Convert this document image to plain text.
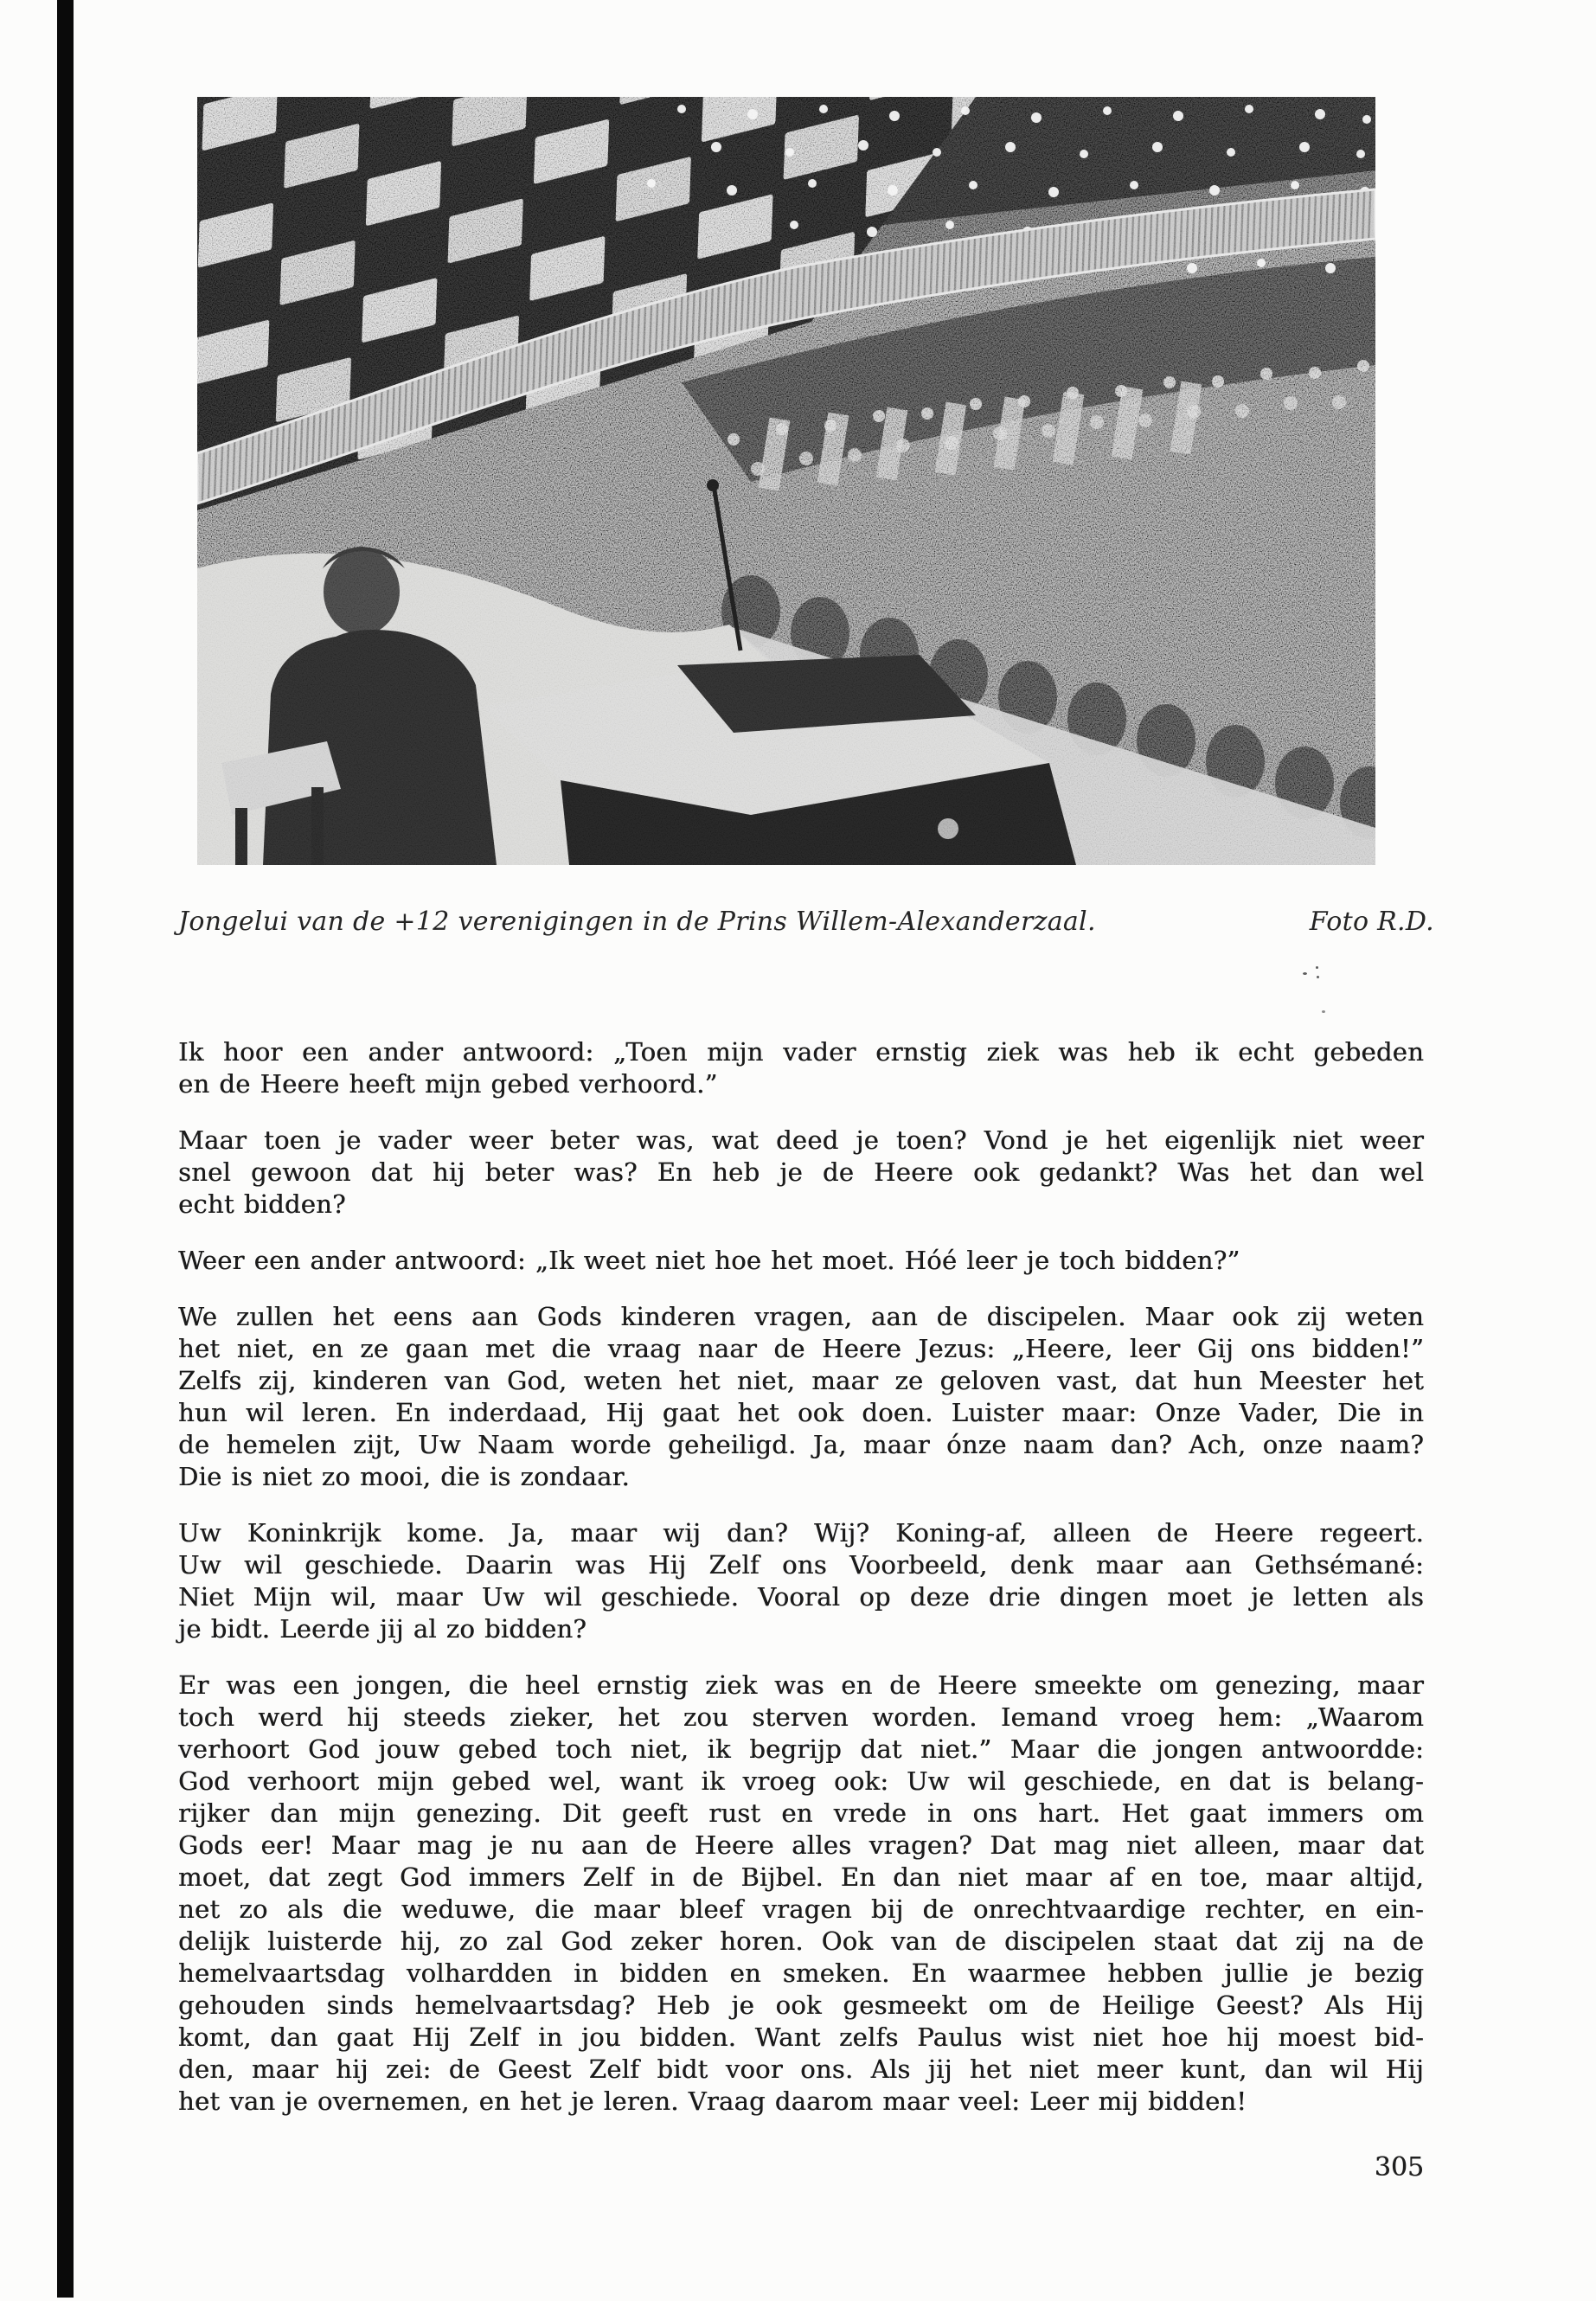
Jongelui van de +12 verenigingen in de Prins Willem-Alexanderzaal.	Foto R.D.
Ik hoor een ander antwoord: „Toen mijn vader ernstig ziek was heb ik echt gebeden
en de Heere heeft mijn gebed verhoord.”
Maar toen je vader weer beter was, wat deed je toen? Vond je het eigenlijk niet weer
snel gewoon dat hij beter was? En heb je de Heere ook gedankt? Was het dan wel
echt bidden?
Weer een ander antwoord: „Ik weet niet hoe het moet. Hóé leer je toch bidden?”
We zullen het eens aan Gods kinderen vragen, aan de discipelen. Maar ook zij weten
het niet, en ze gaan met die vraag naar de Heere Jezus: „Heere, leer Gij ons bidden!”
Zelfs zij, kinderen van God, weten het niet, maar ze geloven vast, dat hun Meester het
hun wil leren. En inderdaad, Hij gaat het ook doen. Luister maar: Onze Vader, Die in
de hemelen zijt, Uw Naam worde geheiligd. Ja, maar ónze naam dan? Ach, onze naam?
Die is niet zo mooi, die is zondaar.
Uw Koninkrijk kome. Ja, maar wij dan? Wij? Koning-af, alleen de Heere regeert.
Uw wil geschiede. Daarin was Hij Zelf ons Voorbeeld, denk maar aan Gethsémané:
Niet Mijn wil, maar Uw wil geschiede. Vooral op deze drie dingen moet je letten als
je bidt. Leerde jij al zo bidden?
Er was een jongen, die heel ernstig ziek was en de Heere smeekte om genezing, maar
toch werd hij steeds zieker, het zou sterven worden. Iemand vroeg hem: „Waarom
verhoort God jouw gebed toch niet, ik begrijp dat niet.” Maar die jongen antwoordde:
God verhoort mijn gebed wel, want ik vroeg ook: Uw wil geschiede, en dat is belang-
rijker dan mijn genezing. Dit geeft rust en vrede in ons hart. Het gaat immers om
Gods eer! Maar mag je nu aan de Heere alles vragen? Dat mag niet alleen, maar dat
moet, dat zegt God immers Zelf in de Bijbel. En dan niet maar af en toe, maar altijd,
net zo als die weduwe, die maar bleef vragen bij de onrechtvaardige rechter, en ein-
delijk luisterde hij, zo zal God zeker horen. Ook van de discipelen staat dat zij na de
hemelvaartsdag volhardden in bidden en smeken. En waarmee hebben jullie je bezig
gehouden sinds hemelvaartsdag? Heb je ook gesmeekt om de Heilige Geest? Als Hij
komt, dan gaat Hij Zelf in jou bidden. Want zelfs Paulus wist niet hoe hij moest bid-
den, maar hij zei: de Geest Zelf bidt voor ons. Als jij het niet meer kunt, dan wil Hij
het van je overnemen, en het je leren. Vraag daarom maar veel: Leer mij bidden!
305
